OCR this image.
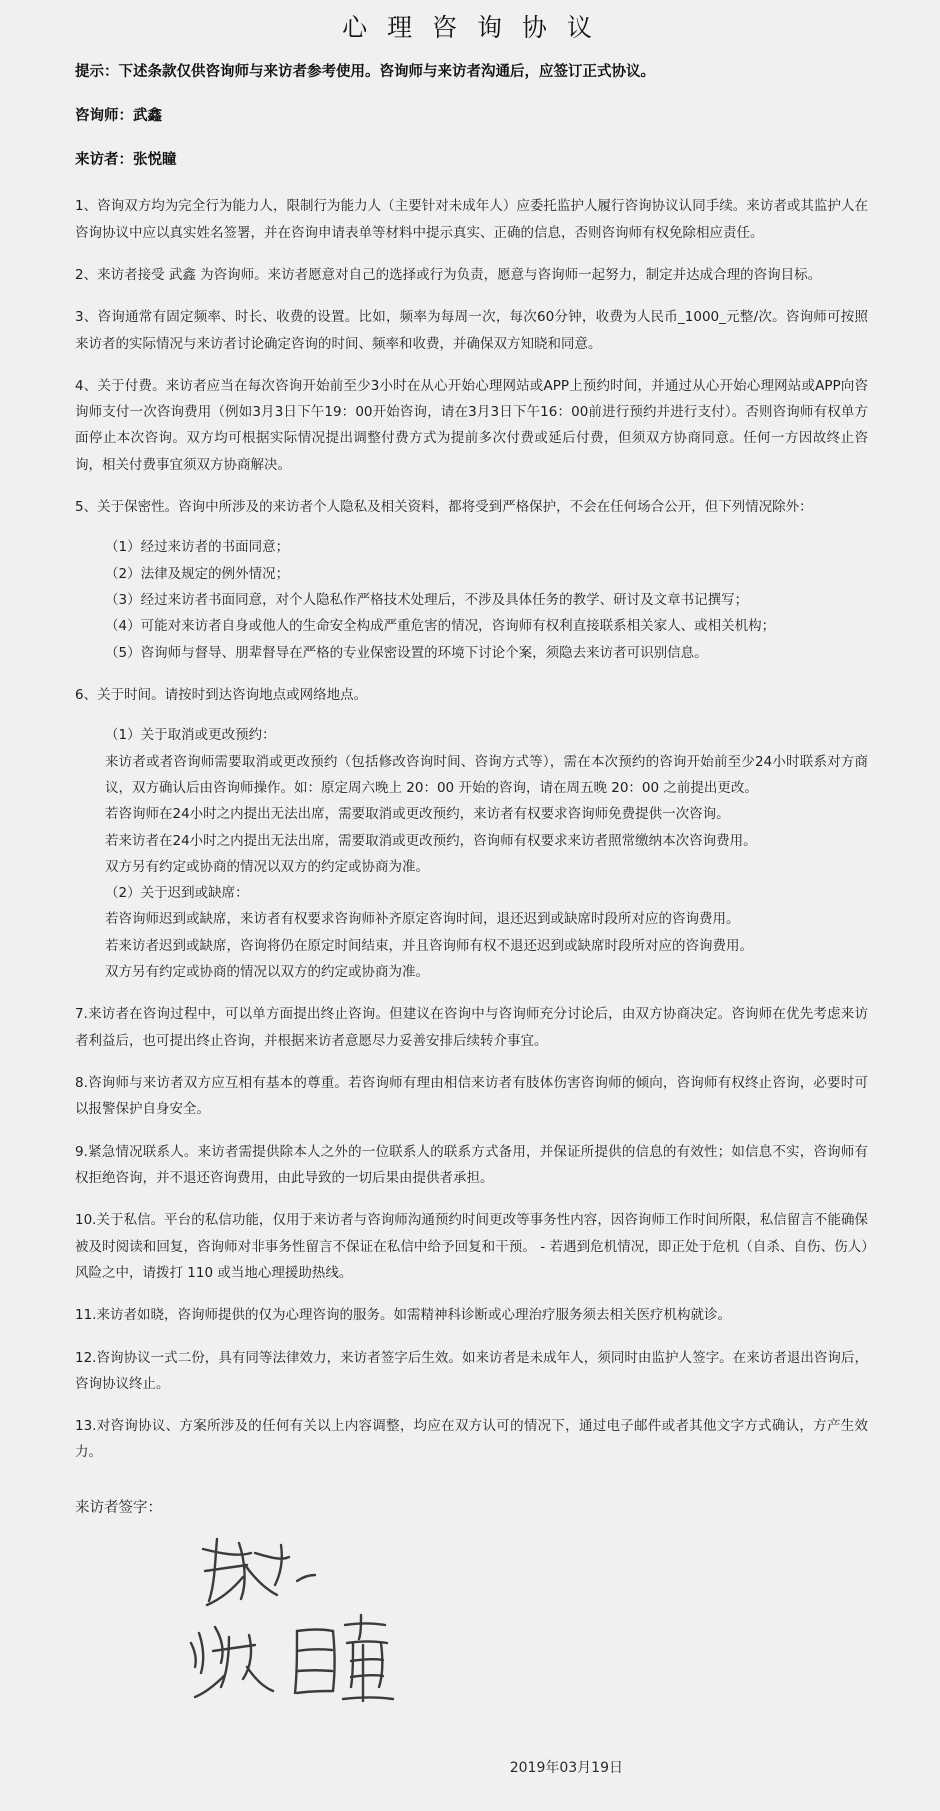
心 理 咨 询 协 议

提示：下述条款仅供咨询师与来访者参考使用。咨询师与来访者沟通后，应签订正式协议。

咨询师：武鑫

来访者：张悦瞳

1、咨询双方均为完全行为能力人，限制行为能力人（主要针对未成年人）应委托监护人履行咨询协议认同手续。来访者或其监护人在咨询协议中应以真实姓名签署，并在咨询申请表单等材料中提示真实、正确的信息，否则咨询师有权免除相应责任。

2、来访者接受 武鑫 为咨询师。来访者愿意对自己的选择或行为负责，愿意与咨询师一起努力，制定并达成合理的咨询目标。

3、咨询通常有固定频率、时长、收费的设置。比如，频率为每周一次，每次60分钟，收费为人民币_1000_元整/次。咨询师可按照来访者的实际情况与来访者讨论确定咨询的时间、频率和收费，并确保双方知晓和同意。

4、关于付费。来访者应当在每次咨询开始前至少3小时在从心开始心理网站或APP上预约时间，并通过从心开始心理网站或APP向咨询师支付一次咨询费用（例如3月3日下午19：00开始咨询，请在3月3日下午16：00前进行预约并进行支付）。否则咨询师有权单方面停止本次咨询。双方均可根据实际情况提出调整付费方式为提前多次付费或延后付费，但须双方协商同意。任何一方因故终止咨询，相关付费事宜须双方协商解决。

5、关于保密性。咨询中所涉及的来访者个人隐私及相关资料，都将受到严格保护，不会在任何场合公开，但下列情况除外：

（1）经过来访者的书面同意；

（2）法律及规定的例外情况；

（3）经过来访者书面同意，对个人隐私作严格技术处理后，不涉及具体任务的教学、研讨及文章书记撰写；

（4）可能对来访者自身或他人的生命安全构成严重危害的情况，咨询师有权利直接联系相关家人、或相关机构；

（5）咨询师与督导、朋辈督导在严格的专业保密设置的环境下讨论个案，须隐去来访者可识别信息。

6、关于时间。请按时到达咨询地点或网络地点。

（1）关于取消或更改预约：

来访者或者咨询师需要取消或更改预约（包括修改咨询时间、咨询方式等），需在本次预约的咨询开始前至少24小时联系对方商议，双方确认后由咨询师操作。如：原定周六晚上 20：00 开始的咨询，请在周五晚 20：00 之前提出更改。

若咨询师在24小时之内提出无法出席，需要取消或更改预约，来访者有权要求咨询师免费提供一次咨询。

若来访者在24小时之内提出无法出席，需要取消或更改预约，咨询师有权要求来访者照常缴纳本次咨询费用。

双方另有约定或协商的情况以双方的约定或协商为准。

（2）关于迟到或缺席：

若咨询师迟到或缺席，来访者有权要求咨询师补齐原定咨询时间，退还迟到或缺席时段所对应的咨询费用。

若来访者迟到或缺席，咨询将仍在原定时间结束，并且咨询师有权不退还迟到或缺席时段所对应的咨询费用。

双方另有约定或协商的情况以双方的约定或协商为准。

7.来访者在咨询过程中，可以单方面提出终止咨询。但建议在咨询中与咨询师充分讨论后，由双方协商决定。咨询师在优先考虑来访者利益后，也可提出终止咨询，并根据来访者意愿尽力妥善安排后续转介事宜。

8.咨询师与来访者双方应互相有基本的尊重。若咨询师有理由相信来访者有肢体伤害咨询师的倾向，咨询师有权终止咨询，必要时可以报警保护自身安全。

9.紧急情况联系人。来访者需提供除本人之外的一位联系人的联系方式备用，并保证所提供的信息的有效性；如信息不实，咨询师有权拒绝咨询，并不退还咨询费用，由此导致的一切后果由提供者承担。

10.关于私信。平台的私信功能，仅用于来访者与咨询师沟通预约时间更改等事务性内容，因咨询师工作时间所限，私信留言不能确保被及时阅读和回复，咨询师对非事务性留言不保证在私信中给予回复和干预。 - 若遇到危机情况，即正处于危机（自杀、自伤、伤人）风险之中，请拨打 110 或当地心理援助热线。

11.来访者如晓，咨询师提供的仅为心理咨询的服务。如需精神科诊断或心理治疗服务须去相关医疗机构就诊。

12.咨询协议一式二份，具有同等法律效力，来访者签字后生效。如来访者是未成年人，须同时由监护人签字。在来访者退出咨询后，咨询协议终止。

13.对咨询协议、方案所涉及的任何有关以上内容调整，均应在双方认可的情况下，通过电子邮件或者其他文字方式确认，方产生效力。

来访者签字：

2019年03月19日
